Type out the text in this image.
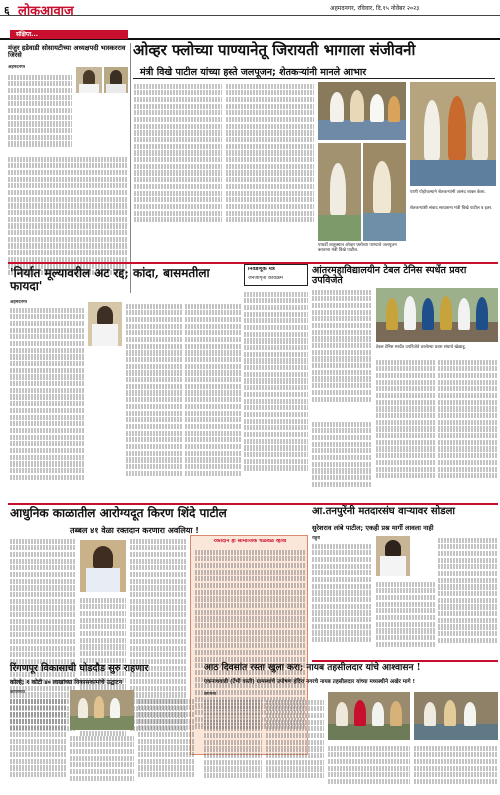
६ लोकआवाज	अहमदनगर, रविवार, दि.१५ नोवेंबर २०२३
संक्षिप्त...
ओव्हर फ्लोच्या पाण्यानेतू जिरायती भागाला संजीवनी
मंत्री विखे पाटील यांच्या हस्ते जलपूजन; शेतकऱ्यांनी मानले आभार
मंजुर हडेवाडी सोसायटीच्या अध्यक्षपदी भास्करराव जिरसे
अहमदनगर
पाथर्डी तालुक्यात ओव्हर फ्लोच्या पाण्याचे जलपूजन करताना मंत्री विखे पाटील.
पाणी पोहोचल्याने शेतकऱ्यांनी आनंद व्यक्त केला.
शेतकऱ्यांशी संवाद साधताना मंत्री विखे पाटील व इतर.
'निर्यात मूल्यावरील अट रद्द; कांदा, बासमतीला फायदा'
अहमदनगर
निवडणूक यंत्र
जनजागृती कार्यक्रम
आंतरमहाविद्यालयीन टेबल टेनिस स्पर्धेत प्रवरा उपविजेते
टेबल टेनिस स्पर्धेत उपविजेते ठरलेल्या प्रवरा संघाचे खेळाडू.
आधुनिक काळातील आरोग्यदूत किरण शिंदे पाटील
तब्बल ४१ वेळा रक्तदान करणारा अवलिया !
रक्तदान ही सामाजिक चळवळ व्हावी
आ.तनपुरेंनी मतदारसंघ वाऱ्यावर सोडला
सुरेशराव लांबे पाटील; एकही प्रश्न मार्गी लावला नाही
राहुरी
रिंगणपूर विकासाची घोडदौड सुरु राहणार
कोल्हे; १ कोटी ४० लाखांच्या विकासकामांचे उद्घाटन
कोपरगाव
आठ दिवसांत रस्ता खुला करा; नायब तहसीलदार यांचे आश्वासन !
एकनाथवाडी (टेंभी वस्ती) ग्रामस्थांचे उपोषण इंदिरा नगरचे नायब तहसीलदार यांच्या मध्यस्थीने अखेर मागे !
संगमनेर
